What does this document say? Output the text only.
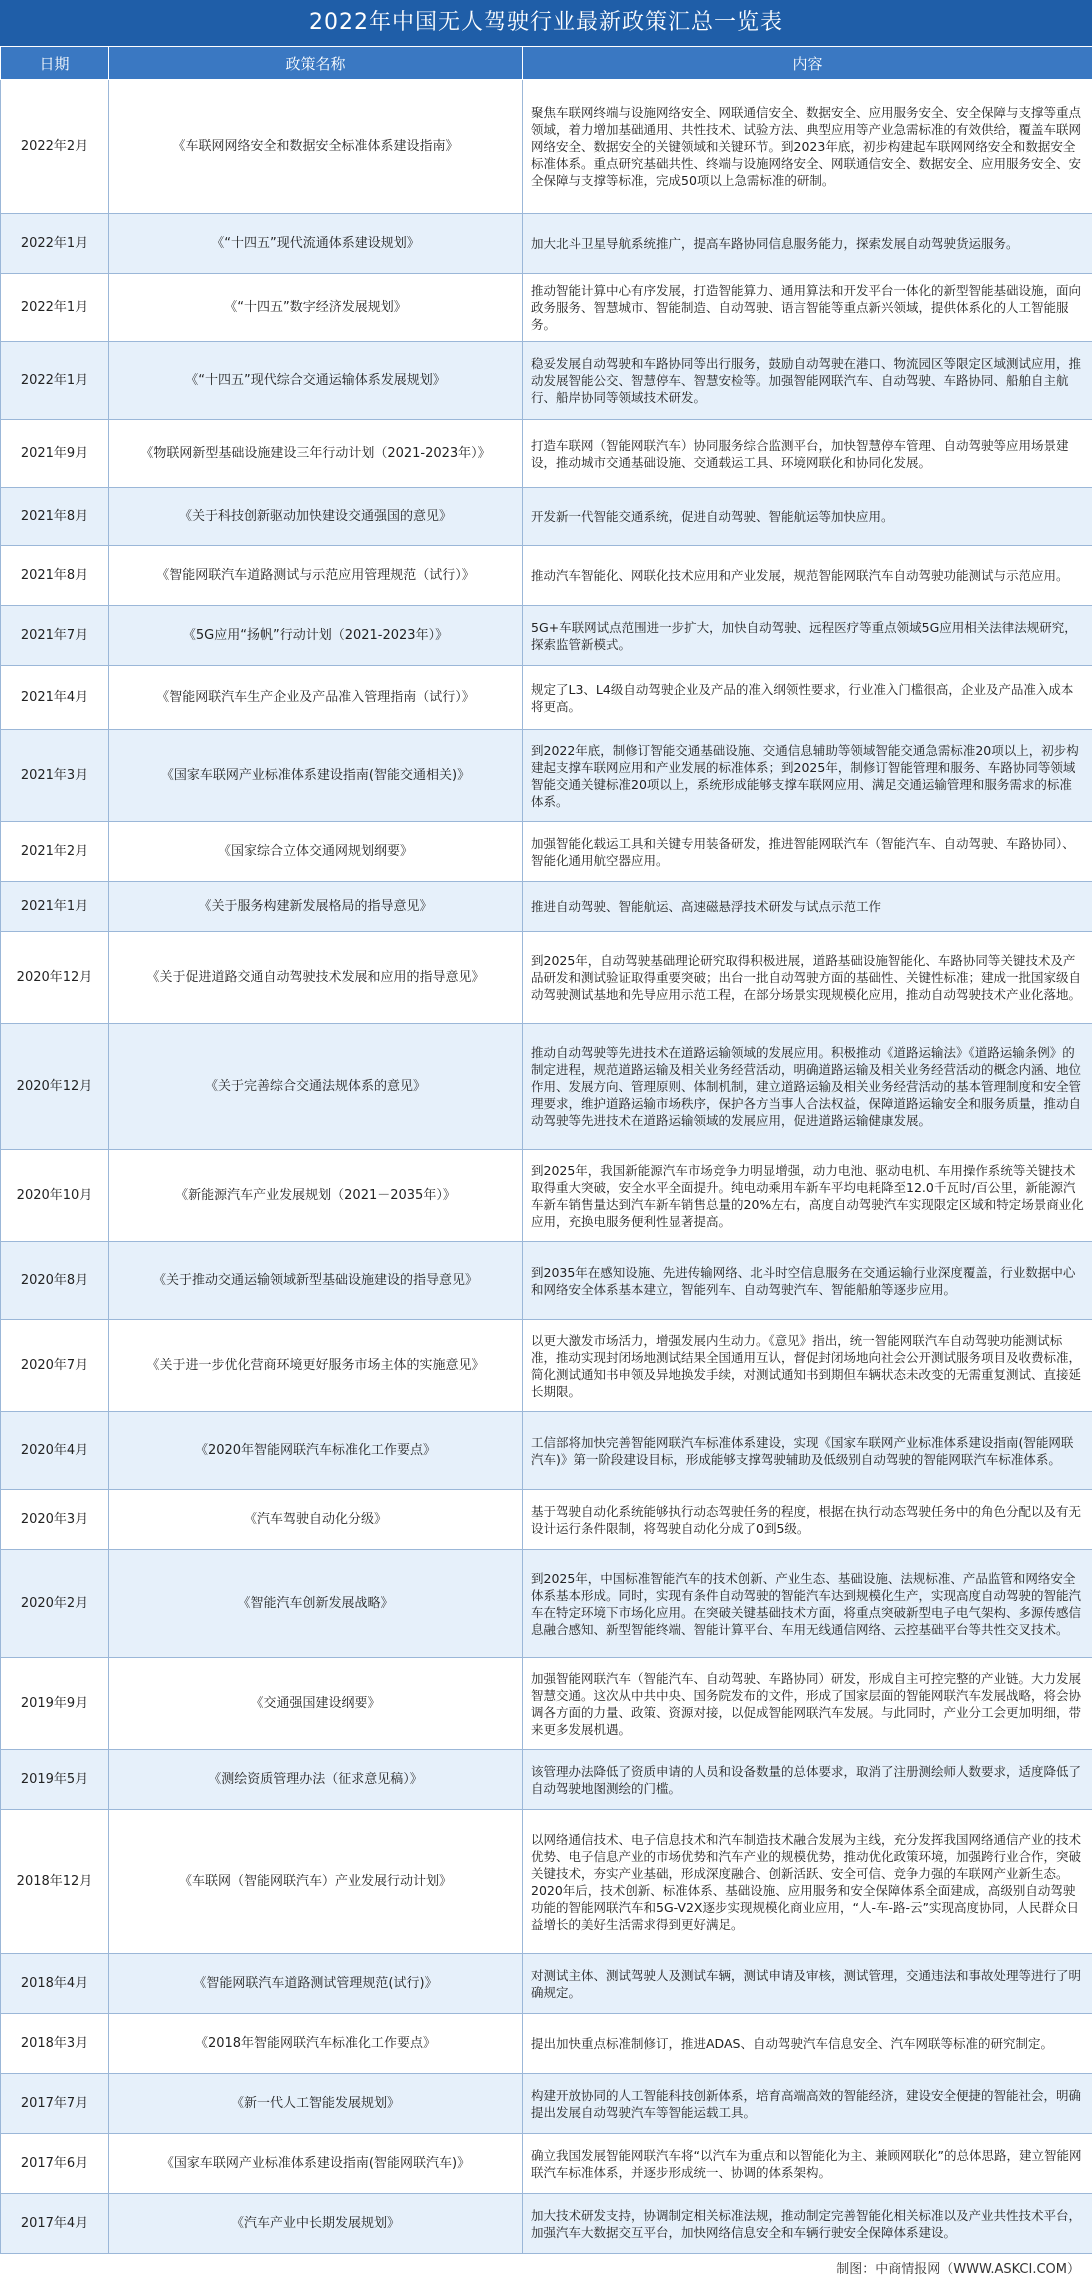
2022年中国无人驾驶行业最新政策汇总一览表
日期	政策名称	内容
2022年2月	《车联网网络安全和数据安全标准体系建设指南》	聚焦车联网终端与设施网络安全、网联通信安全、数据安全、应用服务安全、安全保障与支撑等重点领域，着力增加基础通用、共性技术、试验方法、典型应用等产业急需标准的有效供给，覆盖车联网网络安全、数据安全的关键领域和关键环节。到2023年底，初步构建起车联网网络安全和数据安全标准体系。重点研究基础共性、终端与设施网络安全、网联通信安全、数据安全、应用服务安全、安全保障与支撑等标准，完成50项以上急需标准的研制。
2022年1月	《“十四五”现代流通体系建设规划》	加大北斗卫星导航系统推广，提高车路协同信息服务能力，探索发展自动驾驶货运服务。
2022年1月	《“十四五”数字经济发展规划》	推动智能计算中心有序发展，打造智能算力、通用算法和开发平台一体化的新型智能基础设施，面向政务服务、智慧城市、智能制造、自动驾驶、语言智能等重点新兴领域，提供体系化的人工智能服务。
2022年1月	《“十四五”现代综合交通运输体系发展规划》	稳妥发展自动驾驶和车路协同等出行服务，鼓励自动驾驶在港口、物流园区等限定区域测试应用，推动发展智能公交、智慧停车、智慧安检等。加强智能网联汽车、自动驾驶、车路协同、船舶自主航行、船岸协同等领域技术研发。
2021年9月	《物联网新型基础设施建设三年行动计划（2021-2023年）》	打造车联网（智能网联汽车）协同服务综合监测平台，加快智慧停车管理、自动驾驶等应用场景建设，推动城市交通基础设施、交通载运工具、环境网联化和协同化发展。
2021年8月	《关于科技创新驱动加快建设交通强国的意见》	开发新一代智能交通系统，促进自动驾驶、智能航运等加快应用。
2021年8月	《智能网联汽车道路测试与示范应用管理规范（试行）》	推动汽车智能化、网联化技术应用和产业发展，规范智能网联汽车自动驾驶功能测试与示范应用。
2021年7月	《5G应用“扬帆”行动计划（2021-2023年）》	5G+车联网试点范围进一步扩大，加快自动驾驶、远程医疗等重点领域5G应用相关法律法规研究，探索监管新模式。
2021年4月	《智能网联汽车生产企业及产品准入管理指南（试行）》	规定了L3、L4级自动驾驶企业及产品的准入纲领性要求，行业准入门槛很高，企业及产品准入成本将更高。
2021年3月	《国家车联网产业标准体系建设指南(智能交通相关)》	到2022年底，制修订智能交通基础设施、交通信息辅助等领域智能交通急需标准20项以上，初步构建起支撑车联网应用和产业发展的标准体系；到2025年，制修订智能管理和服务、车路协同等领域智能交通关键标准20项以上，系统形成能够支撑车联网应用、满足交通运输管理和服务需求的标准体系。
2021年2月	《国家综合立体交通网规划纲要》	加强智能化载运工具和关键专用装备研发，推进智能网联汽车（智能汽车、自动驾驶、车路协同）、智能化通用航空器应用。
2021年1月	《关于服务构建新发展格局的指导意见》	推进自动驾驶、智能航运、高速磁悬浮技术研发与试点示范工作
2020年12月	《关于促进道路交通自动驾驶技术发展和应用的指导意见》	到2025年，自动驾驶基础理论研究取得积极进展，道路基础设施智能化、车路协同等关键技术及产品研发和测试验证取得重要突破；出台一批自动驾驶方面的基础性、关键性标准；建成一批国家级自动驾驶测试基地和先导应用示范工程，在部分场景实现规模化应用，推动自动驾驶技术产业化落地。
2020年12月	《关于完善综合交通法规体系的意见》	推动自动驾驶等先进技术在道路运输领域的发展应用。积极推动《道路运输法》《道路运输条例》的制定进程，规范道路运输及相关业务经营活动，明确道路运输及相关业务经营活动的概念内涵、地位作用、发展方向、管理原则、体制机制，建立道路运输及相关业务经营活动的基本管理制度和安全管理要求，维护道路运输市场秩序，保护各方当事人合法权益，保障道路运输安全和服务质量，推动自动驾驶等先进技术在道路运输领域的发展应用，促进道路运输健康发展。
2020年10月	《新能源汽车产业发展规划（2021－2035年）》	到2025年，我国新能源汽车市场竞争力明显增强，动力电池、驱动电机、车用操作系统等关键技术取得重大突破，安全水平全面提升。纯电动乘用车新车平均电耗降至12.0千瓦时/百公里，新能源汽车新车销售量达到汽车新车销售总量的20%左右，高度自动驾驶汽车实现限定区域和特定场景商业化应用，充换电服务便利性显著提高。
2020年8月	《关于推动交通运输领域新型基础设施建设的指导意见》	到2035年在感知设施、先进传输网络、北斗时空信息服务在交通运输行业深度覆盖，行业数据中心和网络安全体系基本建立，智能列车、自动驾驶汽车、智能船舶等逐步应用。
2020年7月	《关于进一步优化营商环境更好服务市场主体的实施意见》	以更大激发市场活力，增强发展内生动力。《意见》指出，统一智能网联汽车自动驾驶功能测试标准，推动实现封闭场地测试结果全国通用互认，督促封闭场地向社会公开测试服务项目及收费标准，简化测试通知书申领及异地换发手续，对测试通知书到期但车辆状态未改变的无需重复测试、直接延长期限。
2020年4月	《2020年智能网联汽车标准化工作要点》	工信部将加快完善智能网联汽车标准体系建设，实现《国家车联网产业标准体系建设指南(智能网联汽车)》第一阶段建设目标，形成能够支撑驾驶辅助及低级别自动驾驶的智能网联汽车标准体系。
2020年3月	《汽车驾驶自动化分级》	基于驾驶自动化系统能够执行动态驾驶任务的程度，根据在执行动态驾驶任务中的角色分配以及有无设计运行条件限制，将驾驶自动化分成了0到5级。
2020年2月	《智能汽车创新发展战略》	到2025年，中国标准智能汽车的技术创新、产业生态、基础设施、法规标准、产品监管和网络安全体系基本形成。同时，实现有条件自动驾驶的智能汽车达到规模化生产，实现高度自动驾驶的智能汽车在特定环境下市场化应用。在突破关键基础技术方面，将重点突破新型电子电气架构、多源传感信息融合感知、新型智能终端、智能计算平台、车用无线通信网络、云控基础平台等共性交叉技术。
2019年9月	《交通强国建设纲要》	加强智能网联汽车（智能汽车、自动驾驶、车路协同）研发，形成自主可控完整的产业链。大力发展智慧交通。这次从中共中央、国务院发布的文件，形成了国家层面的智能网联汽车发展战略，将会协调各方面的力量、政策、资源对接，以促成智能网联汽车发展。与此同时，产业分工会更加明细，带来更多发展机遇。
2019年5月	《测绘资质管理办法（征求意见稿）》	该管理办法降低了资质申请的人员和设备数量的总体要求，取消了注册测绘师人数要求，适度降低了自动驾驶地图测绘的门槛。
2018年12月	《车联网（智能网联汽车）产业发展行动计划》	以网络通信技术、电子信息技术和汽车制造技术融合发展为主线，充分发挥我国网络通信产业的技术优势、电子信息产业的市场优势和汽车产业的规模优势，推动优化政策环境，加强跨行业合作，突破关键技术，夯实产业基础，形成深度融合、创新活跃、安全可信、竞争力强的车联网产业新生态。2020年后，技术创新、标准体系、基础设施、应用服务和安全保障体系全面建成，高级别自动驾驶功能的智能网联汽车和5G-V2X逐步实现规模化商业应用，“人-车-路-云”实现高度协同，人民群众日益增长的美好生活需求得到更好满足。
2018年4月	《智能网联汽车道路测试管理规范(试行)》	对测试主体、测试驾驶人及测试车辆，测试申请及审核，测试管理，交通违法和事故处理等进行了明确规定。
2018年3月	《2018年智能网联汽车标准化工作要点》	提出加快重点标准制修订，推进ADAS、自动驾驶汽车信息安全、汽车网联等标准的研究制定。
2017年7月	《新一代人工智能发展规划》	构建开放协同的人工智能科技创新体系，培育高端高效的智能经济，建设安全便捷的智能社会，明确提出发展自动驾驶汽车等智能运载工具。
2017年6月	《国家车联网产业标准体系建设指南(智能网联汽车)》	确立我国发展智能网联汽车将“以汽车为重点和以智能化为主、兼顾网联化”的总体思路，建立智能网联汽车标准体系，并逐步形成统一、协调的体系架构。
2017年4月	《汽车产业中长期发展规划》	加大技术研发支持，协调制定相关标准法规，推动制定完善智能化相关标准以及产业共性技术平台，加强汽车大数据交互平台，加快网络信息安全和车辆行驶安全保障体系建设。
制图：中商情报网（WWW.ASKCI.COM）
